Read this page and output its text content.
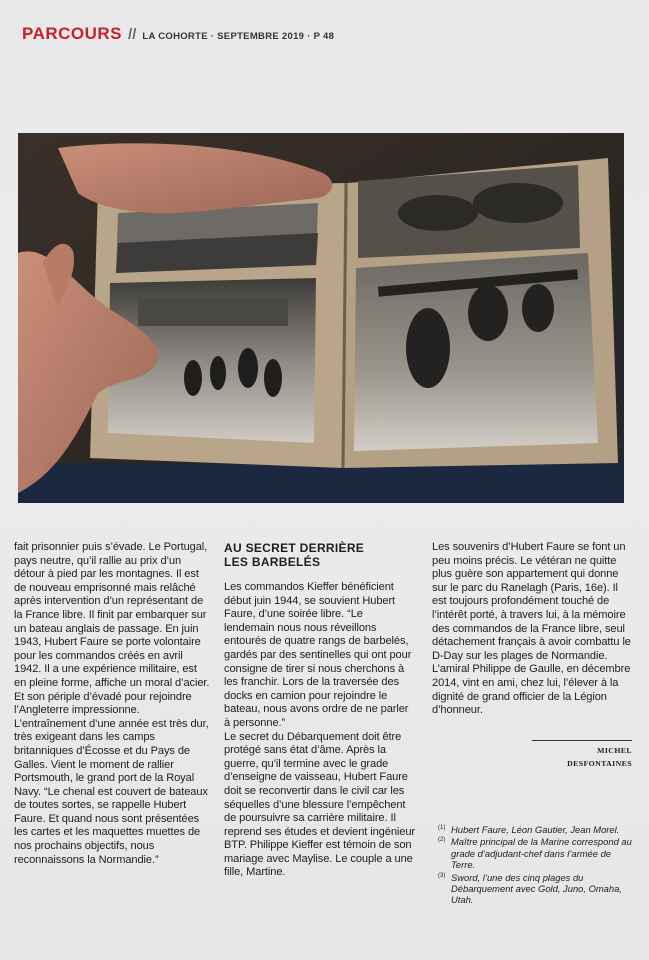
PARCOURS // LA COHORTE · SEPTEMBRE 2019 · P 48

fait prisonnier puis s’évade. Le Portugal, pays neutre, qu’il rallie au prix d’un détour à pied par les montagnes. Il est de nouveau emprisonné mais relâché après intervention d’un représentant de la France libre. Il finit par embarquer sur un bateau anglais de passage. En juin 1943, Hubert Faure se porte volontaire pour les commandos créés en avril 1942. Il a une expérience militaire, est en pleine forme, affiche un moral d’acier. Et son périple d’évadé pour rejoindre l’Angleterre impressionne. L’entraînement d’une année est très dur, très exigeant dans les camps britanniques d’Écosse et du Pays de Galles. Vient le moment de rallier Portsmouth, le grand port de la Royal Navy. “Le chenal est couvert de bateaux de toutes sortes, se rappelle Hubert Faure. Et quand nous sont présentées les cartes et les maquettes muettes de nos prochains objectifs, nous reconnaissons la Normandie.”

AU SECRET DERRIÈRE
LES BARBELÉS

Les commandos Kieffer bénéficient début juin 1944, se souvient Hubert Faure, d’une soirée libre. “Le lendemain nous nous réveillons entourés de quatre rangs de barbelés, gardés par des sentinelles qui ont pour consigne de tirer si nous cherchons à les franchir. Lors de la traversée des docks en camion pour rejoindre le bateau, nous avons ordre de ne parler à personne.”

Le secret du Débarquement doit être protégé sans état d’âme. Après la guerre, qu’il termine avec le grade d’enseigne de vaisseau, Hubert Faure doit se reconvertir dans le civil car les séquelles d’une blessure l’empêchent de poursuivre sa carrière militaire. Il reprend ses études et devient ingénieur BTP. Philippe Kieffer est témoin de son mariage avec Maylise. Le couple a une fille, Martine.

Les souvenirs d’Hubert Faure se font un peu moins précis. Le vétéran ne quitte plus guère son appartement qui donne sur le parc du Ranelagh (Paris, 16e). Il est toujours profondément touché de l’intérêt porté, à travers lui, à la mémoire des commandos de la France libre, seul détachement français à avoir combattu le D-Day sur les plages de Normandie. L’amiral Philippe de Gaulle, en décembre 2014, vint en ami, chez lui, l’élever à la dignité de grand officier de la Légion d’honneur.

MICHEL DESFONTAINES

(1) Hubert Faure, Léon Gautier, Jean Morel.
(2) Maître principal de la Marine correspond au grade d’adjudant-chef dans l’armée de Terre.
(3) Sword, l’une des cinq plages du Débarquement avec Gold, Juno, Omaha, Utah.
